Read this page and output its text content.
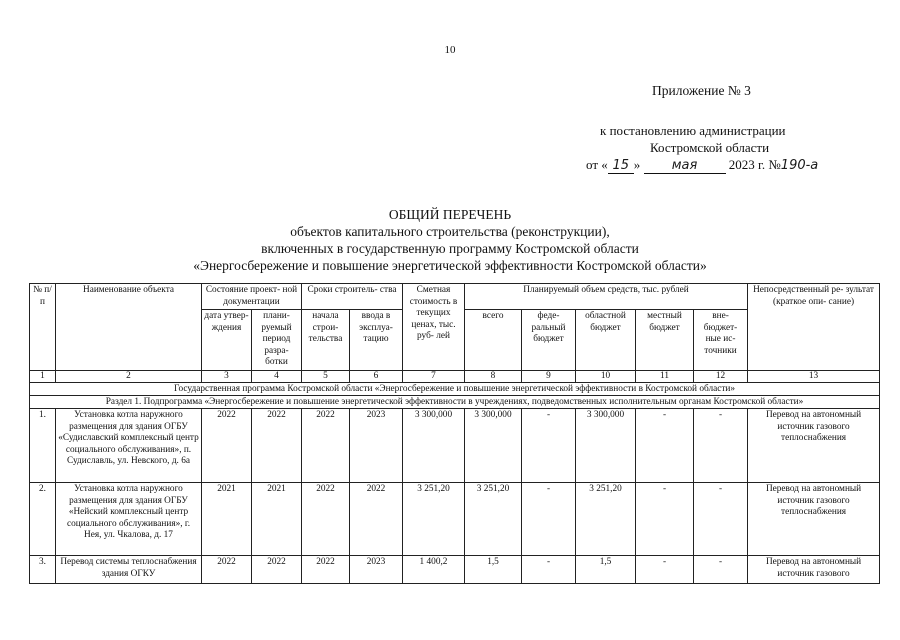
10
Приложение № 3
к постановлению администрации
Костромской области
от « 15 » мая 2023 г. №190-а
ОБЩИЙ ПЕРЕЧЕНЬ
объектов капитального строительства (реконструкции),
включенных в государственную программу Костромской области
«Энергосбережение и повышение энергетической эффективности Костромской области»
№ п/п	Наименование объекта	Состояние проект- ной документации		Сроки строитель- ства		Сметная стоимость в текущих ценах, тыс. руб- лей	Планируемый объем средств, тыс. рублей					Непосредственный ре- зультат (краткое опи- сание)
		дата утвер- ждения	плани- руемый период разра- ботки	начала строи- тельства	ввода в эксплуа- тацию		всего	феде- ральный бюджет	областной бюджет	местный бюджет	вне- бюджет- ные ис- точники	
1	2	3	4	5	6	7	8	9	10	11	12	13
Государственная программа Костромской области «Энергосбережение и повышение энергетической эффективности в Костромской области»												
Раздел 1. Подпрограмма «Энергосбережение и повышение энергетической эффективности в учреждениях, подведомственных исполнительным органам Костромской области»												
1.	Установка котла наружного размещения для здания ОГБУ «Судиславский комплексный центр социального обслуживания», п. Судиславль, ул. Невского, д. 6а	2022	2022	2022	2023	3 300,000	3 300,000	-	3 300,000	-	-	Перевод на автономный источник газового теплоснабжения
2.	Установка котла наружного размещения для здания ОГБУ «Нейский комплексный центр социального обслуживания», г. Нея, ул. Чкалова, д. 17	2021	2021	2022	2022	3 251,20	3 251,20	-	3 251,20	-	-	Перевод на автономный источник газового теплоснабжения
3.	Перевод системы теплоснабжения здания ОГКУ	2022	2022	2022	2023	1 400,2	1,5	-	1,5	-	-	Перевод на автономный источник газового
